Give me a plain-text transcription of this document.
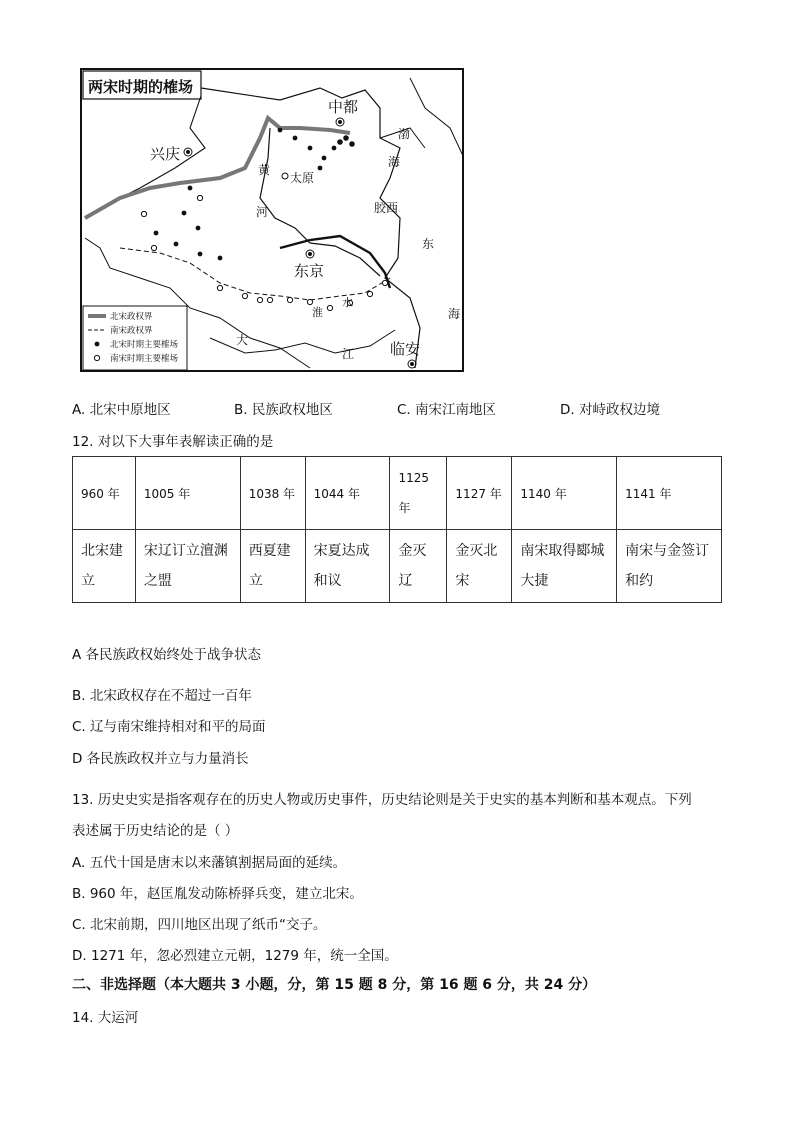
两宋时期的榷场
中都
兴庆
太原
东京
胶西
临安
渤
海
东
海
黄
河
大
江
淮
水
北宋政权界
南宋政权界
北宋时期主要榷场
南宋时期主要榷场
A. 北宋中原地区	B. 民族政权地区	C. 南宋江南地区	D. 对峙政权边境
12. 对以下大事年表解读正确的是
960 年	1005 年	1038 年	1044 年	1125 年	1127 年	1140 年	1141 年
北宋建立	宋辽订立澶渊之盟	西夏建立	宋夏达成和议	金灭辽	金灭北宋	南宋取得郾城大捷	南宋与金签订和约
A 各民族政权始终处于战争状态
B. 北宋政权存在不超过一百年
C. 辽与南宋维持相对和平的局面
D 各民族政权并立与力量消长
13. 历史史实是指客观存在的历史人物或历史事件，历史结论则是关于史实的基本判断和基本观点。下列
表述属于历史结论的是（ ）
A. 五代十国是唐末以来藩镇割据局面的延续。
B. 960 年，赵匡胤发动陈桥驿兵变，建立北宋。
C. 北宋前期，四川地区出现了纸币“交子。
D. 1271 年，忽必烈建立元朝，1279 年，统一全国。
二、非选择题（本大题共 3 小题，分，第 15 题 8 分，第 16 题 6 分，共 24 分）
14. 大运河
